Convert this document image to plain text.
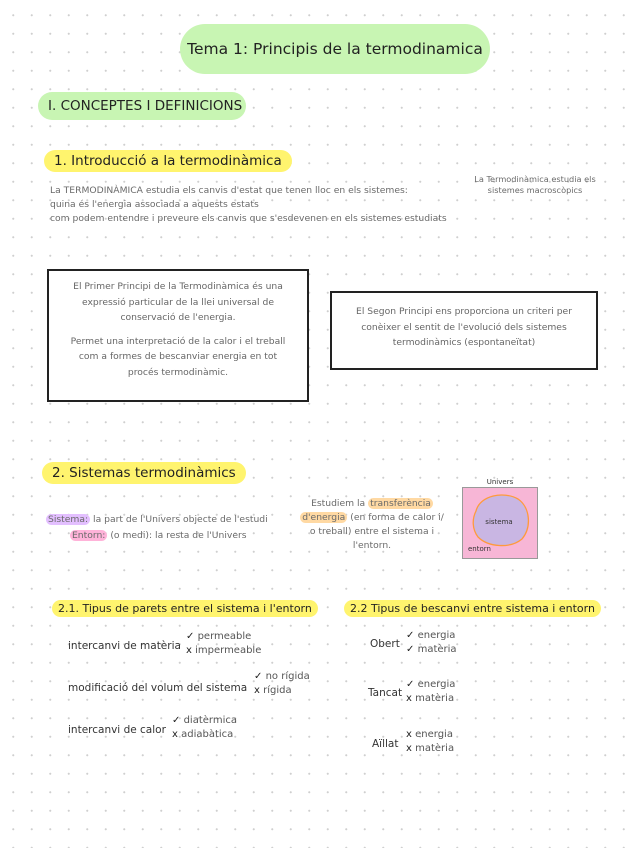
Tema 1: Principis de la termodinamica
I. CONCEPTES I DEFINICIONS
1. Introducció a la termodinàmica
La TERMODINÀMICA estudia els canvis d'estat que tenen lloc en els sistemes:
quina és l'energia associada a aquests estats
com podem entendre i preveure els canvis que s'esdevenen en els sistemes estudiats
La Termodinàmica estudia els
sistemes macroscòpics

El Primer Principi de la Termodinàmica és una

expressió particular de la llei universal de

conservació de l'energia.

Permet una interpretació de la calor i el treball

com a formes de bescanviar energia en tot

procés termodinàmic.

El Segon Principi ens proporciona un criteri per

conèixer el sentit de l'evolució dels sistemes

termodinàmics (espontaneïtat)

2. Sistemas termodinàmics
Sistema: la part de l'Univers objecte de l'estudi
Entorn: (o medi): la resta de l'Univers
Estudiem la transferència
d'energia (en forma de calor i/
o treball) entre el sistema i
l'entorn.
Univers
sistema
entorn
2.1. Tipus de parets entre el sistema i l'entorn
intercanvi de matèria
✓ permeable
x impermeable
modificació del volum del sistema
✓ no rígida
x rígida
intercanvi de calor
✓ diatèrmica
x adiabàtica
2.2 Tipus de bescanvi entre sistema i entorn
Obert
✓ energia
✓ matèria
Tancat
✓ energia
x matèria
Aïllat
x energia
x matèria
